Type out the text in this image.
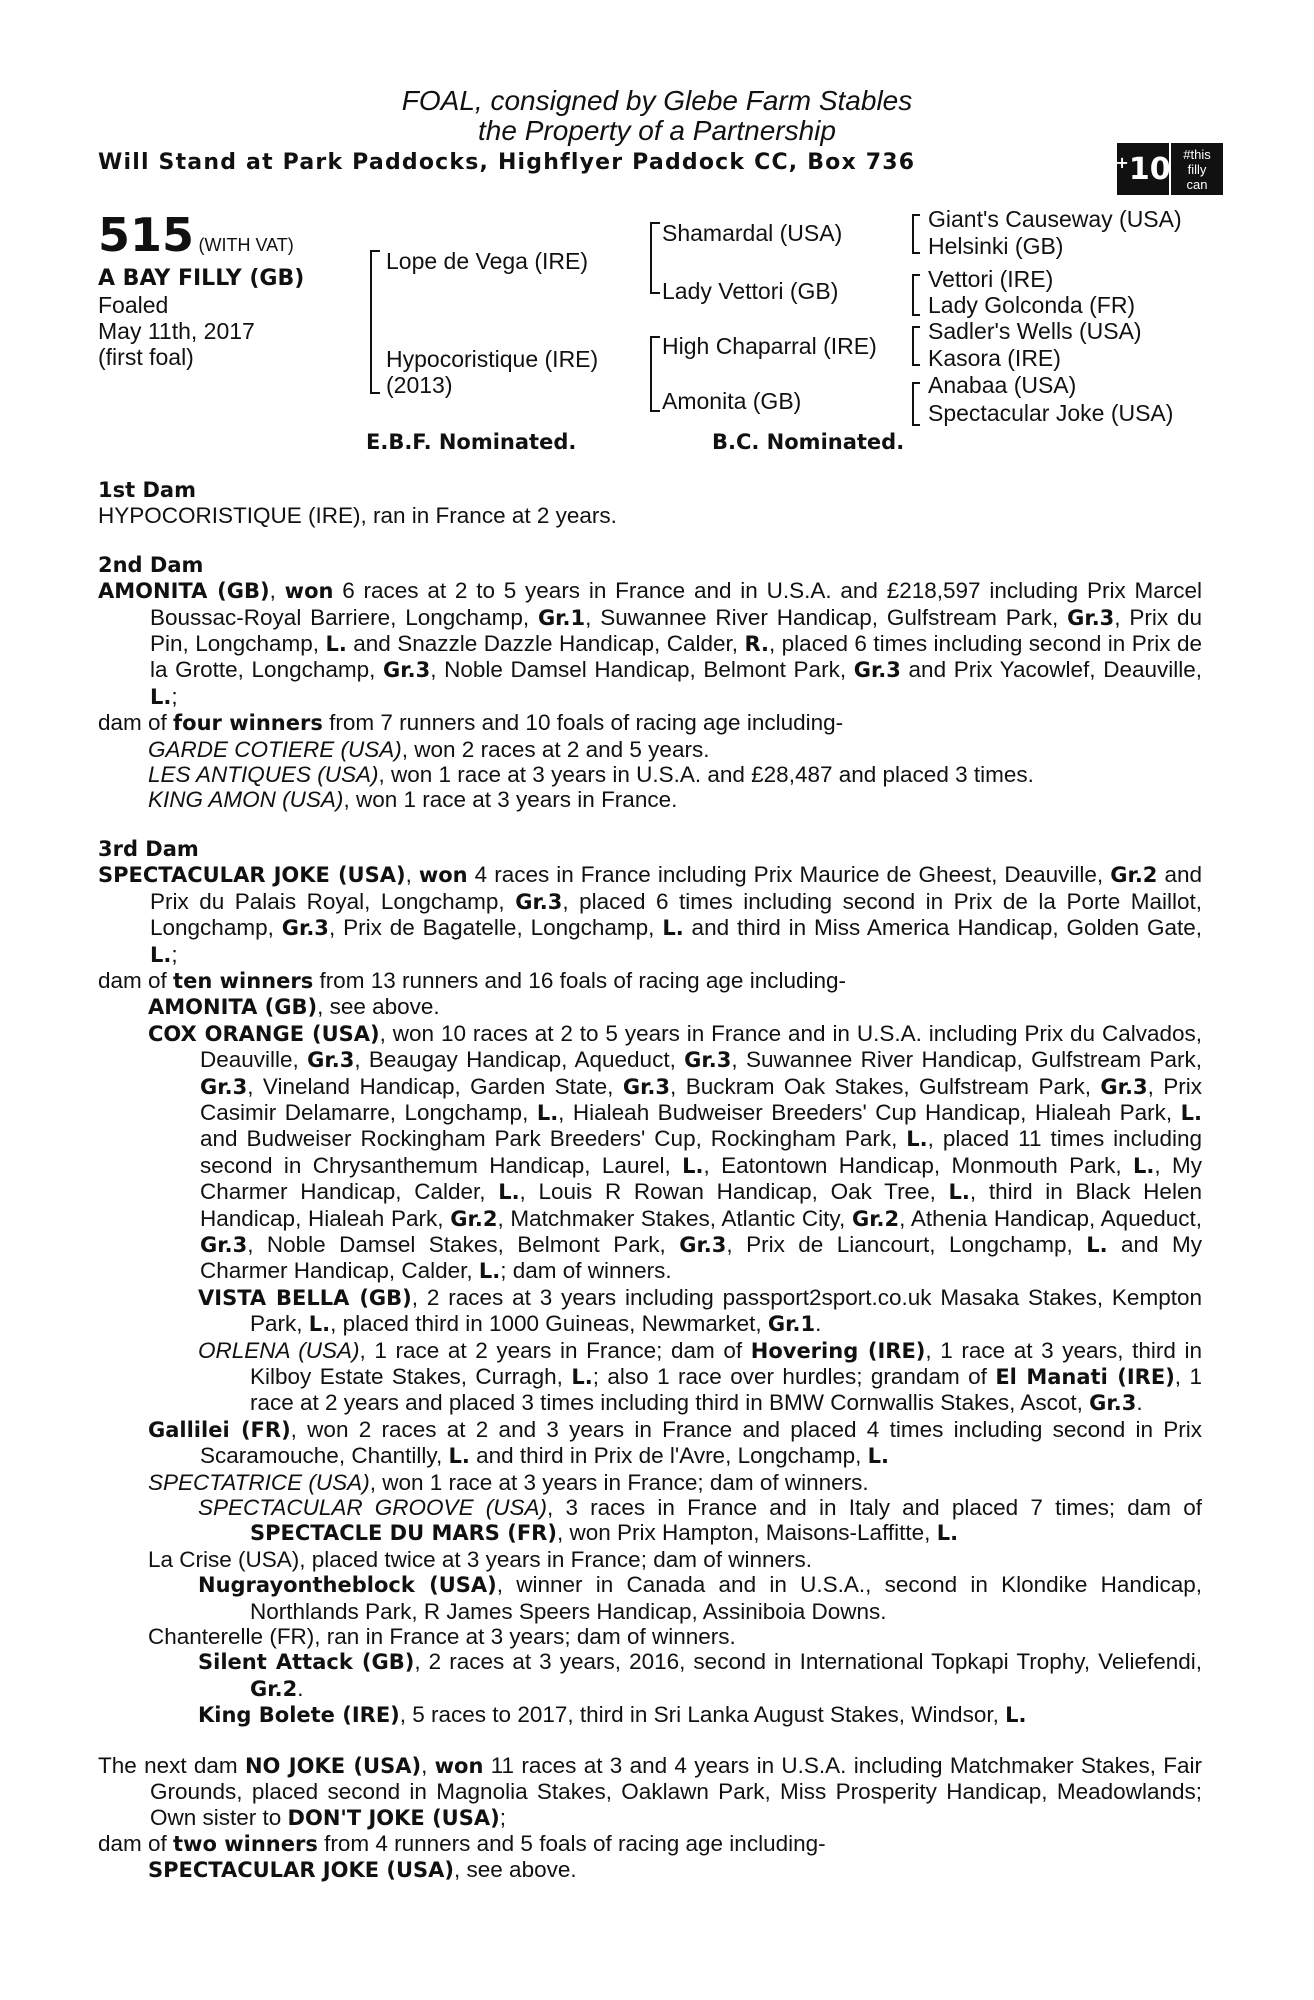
FOAL, consigned by Glebe Farm Stables
the Property of a Partnership
Will Stand at Park Paddocks, Highflyer Paddock CC, Box 736	+ 10 #this
filly
can
515 (WITH VAT)
A BAY FILLY (GB)
Foaled
May 11th, 2017
(first foal)
Lope de Vega (IRE)
Hypocoristique (IRE)
(2013)
Shamardal (USA)
Lady Vettori (GB)
High Chaparral (IRE)
Amonita (GB)
Giant's Causeway (USA)
Helsinki (GB)
Vettori (IRE)
Lady Golconda (FR)
Sadler's Wells (USA)
Kasora (IRE)
Anabaa (USA)
Spectacular Joke (USA)
E.B.F. Nominated.	B.C. Nominated.

1st Dam

HYPOCORISTIQUE (IRE), ran in France at 2 years.

2nd Dam

AMONITA (GB), won 6 races at 2 to 5 years in France and in U.S.A. and £218,597 including Prix Marcel Boussac-Royal Barriere, Longchamp, Gr.1, Suwannee River Handicap, Gulfstream Park, Gr.3, Prix du Pin, Longchamp, L. and Snazzle Dazzle Handicap, Calder, R., placed 6 times including second in Prix de la Grotte, Longchamp, Gr.3, Noble Damsel Handicap, Belmont Park, Gr.3 and Prix Yacowlef, Deauville, L.;

dam of four winners from 7 runners and 10 foals of racing age including-

GARDE COTIERE (USA), won 2 races at 2 and 5 years.

LES ANTIQUES (USA), won 1 race at 3 years in U.S.A. and £28,487 and placed 3 times.

KING AMON (USA), won 1 race at 3 years in France.

3rd Dam

SPECTACULAR JOKE (USA), won 4 races in France including Prix Maurice de Gheest, Deauville, Gr.2 and Prix du Palais Royal, Longchamp, Gr.3, placed 6 times including second in Prix de la Porte Maillot, Longchamp, Gr.3, Prix de Bagatelle, Longchamp, L. and third in Miss America Handicap, Golden Gate, L.;

dam of ten winners from 13 runners and 16 foals of racing age including-

AMONITA (GB), see above.

COX ORANGE (USA), won 10 races at 2 to 5 years in France and in U.S.A. including Prix du Calvados, Deauville, Gr.3, Beaugay Handicap, Aqueduct, Gr.3, Suwannee River Handicap, Gulfstream Park, Gr.3, Vineland Handicap, Garden State, Gr.3, Buckram Oak Stakes, Gulfstream Park, Gr.3, Prix Casimir Delamarre, Longchamp, L., Hialeah Budweiser Breeders' Cup Handicap, Hialeah Park, L. and Budweiser Rockingham Park Breeders' Cup, Rockingham Park, L., placed 11 times including second in Chrysanthemum Handicap, Laurel, L., Eatontown Handicap, Monmouth Park, L., My Charmer Handicap, Calder, L., Louis R Rowan Handicap, Oak Tree, L., third in Black Helen Handicap, Hialeah Park, Gr.2, Matchmaker Stakes, Atlantic City, Gr.2, Athenia Handicap, Aqueduct, Gr.3, Noble Damsel Stakes, Belmont Park, Gr.3, Prix de Liancourt, Longchamp, L. and My Charmer Handicap, Calder, L.; dam of winners.

VISTA BELLA (GB), 2 races at 3 years including passport2sport.co.uk Masaka Stakes, Kempton Park, L., placed third in 1000 Guineas, Newmarket, Gr.1.

ORLENA (USA), 1 race at 2 years in France; dam of Hovering (IRE), 1 race at 3 years, third in Kilboy Estate Stakes, Curragh, L.; also 1 race over hurdles; grandam of El Manati (IRE), 1 race at 2 years and placed 3 times including third in BMW Cornwallis Stakes, Ascot, Gr.3.

Gallilei (FR), won 2 races at 2 and 3 years in France and placed 4 times including second in Prix Scaramouche, Chantilly, L. and third in Prix de l'Avre, Longchamp, L.

SPECTATRICE (USA), won 1 race at 3 years in France; dam of winners.

SPECTACULAR GROOVE (USA), 3 races in France and in Italy and placed 7 times; dam of SPECTACLE DU MARS (FR), won Prix Hampton, Maisons-Laffitte, L.

La Crise (USA), placed twice at 3 years in France; dam of winners.

Nugrayontheblock (USA), winner in Canada and in U.S.A., second in Klondike Handicap, Northlands Park, R James Speers Handicap, Assiniboia Downs.

Chanterelle (FR), ran in France at 3 years; dam of winners.

Silent Attack (GB), 2 races at 3 years, 2016, second in International Topkapi Trophy, Veliefendi, Gr.2.

King Bolete (IRE), 5 races to 2017, third in Sri Lanka August Stakes, Windsor, L.

The next dam NO JOKE (USA), won 11 races at 3 and 4 years in U.S.A. including Matchmaker Stakes, Fair Grounds, placed second in Magnolia Stakes, Oaklawn Park, Miss Prosperity Handicap, Meadowlands; Own sister to DON'T JOKE (USA);

dam of two winners from 4 runners and 5 foals of racing age including-

SPECTACULAR JOKE (USA), see above.
